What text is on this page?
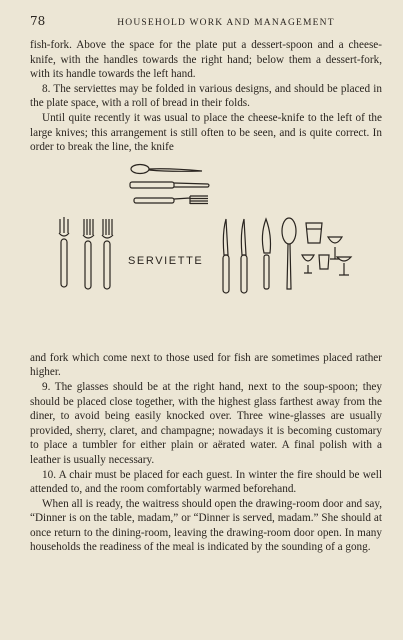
78	HOUSEHOLD WORK AND MANAGEMENT

fish-fork. Above the space for the plate put a dessert-spoon and a cheese-knife, with the handles towards the right hand; below them a dessert-fork, with its handle towards the left hand.

8. The serviettes may be folded in various designs, and should be placed in the plate space, with a roll of bread in their folds.

Until quite recently it was usual to place the cheese-knife to the left of the large knives; this arrangement is still often to be seen, and is quite correct. In order to break the line, the knife

SERVIETTE

and fork which come next to those used for fish are sometimes placed rather higher.

9. The glasses should be at the right hand, next to the soup-spoon; they should be placed close together, with the highest glass farthest away from the diner, to avoid being easily knocked over. Three wine-glasses are usually provided, sherry, claret, and champagne; nowadays it is becoming customary to place a tumbler for either plain or aërated water. A final polish with a leather is usually necessary.

10. A chair must be placed for each guest. In winter the fire should be well attended to, and the room comfortably warmed beforehand.

When all is ready, the waitress should open the drawing-room door and say, “Dinner is on the table, madam,” or “Dinner is served, madam.” She should at once return to the dining-room, leaving the drawing-room door open. In many households the readiness of the meal is indicated by the sounding of a gong.
